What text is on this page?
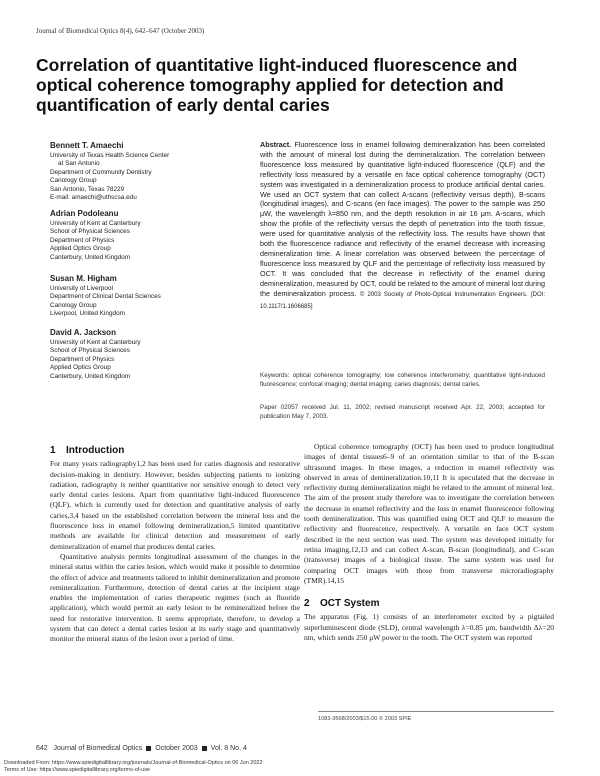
Journal of Biomedical Optics 8(4), 642–647 (October 2003)
Correlation of quantitative light-induced fluorescence and optical coherence tomography applied for detection and quantification of early dental caries
Bennett T. Amaechi
University of Texas Health Science Center
at San Antonio
Department of Community Dentistry
Cariology Group
San Antonio, Texas 78229
E-mail: amaechi@uthscsa.edu
Adrian Podoleanu
University of Kent at Canterbury
School of Physical Sciences
Department of Physics
Applied Optics Group
Canterbury, United Kingdom
Susan M. Higham
University of Liverpool
Department of Clinical Dental Sciences
Cariology Group
Liverpool, United Kingdom
David A. Jackson
University of Kent at Canterbury
School of Physical Sciences
Department of Physics
Applied Optics Group
Canterbury, United Kingdom
Abstract. Fluorescence loss in enamel following demineralization has been correlated with the amount of mineral lost during the demineralization. The correlation between fluorescence loss measured by quantitative light-induced fluorescence (QLF) and the reflectivity loss measured by a versatile en face optical coherence tomography (OCT) system was investigated in a demineralization process to produce artificial dental caries. We used an OCT system that can collect A-scans (reflectivity versus depth), B-scans (longitudinal images), and C-scans (en face images). The power to the sample was 250 μW, the wavelength λ=850 nm, and the depth resolution in air 16 μm. A-scans, which show the profile of the reflectivity versus the depth of penetration into the tooth tissue, were used for quantitative analysis of the reflectivity loss. The results have shown that both the fluorescence radiance and reflectivity of the enamel decrease with increasing demineralization time. A linear correlation was observed between the percentage of fluorescence loss measured by QLF and the percentage of reflectivity loss measured by OCT. It was concluded that the decrease in reflectivity of the enamel during demineralization, measured by OCT, could be related to the amount of mineral lost during the demineralization process. © 2003 Society of Photo-Optical Instrumentation Engineers. [DOI: 10.1117/1.1606685]
Keywords: optical coherence tomography; low coherence interferometry; quantitative light-induced fluorescence; confocal imaging; dental imaging; caries diagnosis; dental caries.
Paper 02057 received Jul. 11, 2002; revised manuscript received Apr. 22, 2003; accepted for publication May 7, 2003.
1 Introduction

For many years radiography1,2 has been used for caries diagnosis and restorative decision-making in dentistry. However, besides subjecting patients to ionizing radiation, radiography is neither quantitative nor sensitive enough to detect very early dental caries lesions. Apart from quantitative light-induced fluorescence (QLF), which is currently used for detection and quantitative analysis of early caries,3,4 based on the established correlation between the mineral loss and the fluorescence loss in enamel following demineralization,5 limited quantitative methods are available for clinical detection and measurement of early demineralization of enamel that produces dental caries.

Quantitative analysis permits longitudinal assessment of the changes in the mineral status within the caries lesion, which would make it possible to determine the effect of advice and treatments tailored to inhibit demineralization and promote remineralization. Furthermore, detection of dental caries at the incipient stage enables the implementation of caries therapeutic regimes (such as fluoride application), which would permit an early lesion to be remineralized before the need for restorative intervention. It seems appropriate, therefore, to develop a system that can detect a dental caries lesion at its early stage and quantitatively monitor the mineral status of the lesion over a period of time.

Optical coherence tomography (OCT) has been used to produce longitudinal images of dental tissues6–9 of an orientation similar to that of the B-scan ultrasound images. In these images, a reduction in enamel reflectivity was observed in areas of demineralization.10,11 It is speculated that the decrease in reflectivity during demineralization might be related to the amount of mineral lost. The aim of the present study therefore was to investigate the correlation between the decrease in enamel reflectivity and the loss in enamel fluorescence following tooth demineralization. This was quantified using OCT and QLF to measure the reflectivity and fluorescence, respectively. A versatile en face OCT system described in the next section was used. The system was developed initially for retina imaging,12,13 and can collect A-scan, B-scan (longitudinal), and C-scan (transverse) images of a biological tissue. The same system was used for comparing OCT images with those from transverse microradiography (TMR).14,15

2 OCT System

The apparatus (Fig. 1) consists of an interferometer excited by a pigtailed superluminescent diode (SLD), central wavelength λ=0.85 μm, bandwidth Δλ=20 nm, which sends 250 μW power to the tooth. The OCT system was reported

1083-3668/2003/$15.00 © 2003 SPIE
642 Journal of Biomedical Optics October 2003 Vol. 8 No. 4
Downloaded From: https://www.spiedigitallibrary.org/journals/Journal-of-Biomedical-Optics on 06 Jun 2022
Terms of Use: https://www.spiedigitallibrary.org/terms-of-use
